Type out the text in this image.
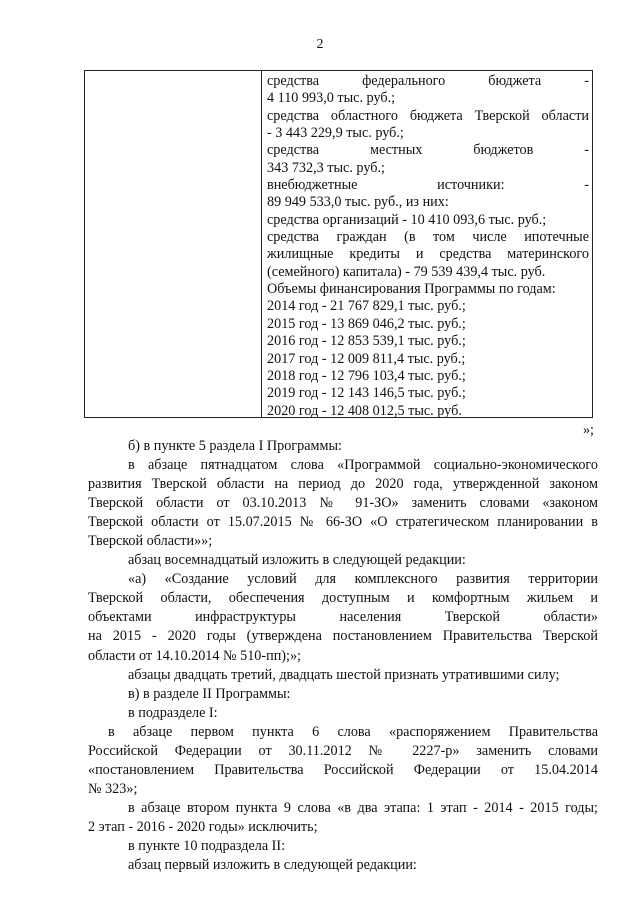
2
средства федерального бюджета -
4 110 993,0 тыс. руб.;
средства областного бюджета Тверской области
- 3 443 229,9 тыс. руб.;
средства местных бюджетов -
343 732,3 тыс. руб.;
внебюджетные источники: -
89 949 533,0 тыс. руб., из них:
средства организаций - 10 410 093,6 тыс. руб.;
средства граждан (в том числе ипотечные
жилищные кредиты и средства материнского
(семейного) капитала) - 79 539 439,4 тыс. руб.
Объемы финансирования Программы по годам:
2014 год - 21 767 829,1 тыс. руб.;
2015 год - 13 869 046,2 тыс. руб.;
2016 год - 12 853 539,1 тыс. руб.;
2017 год - 12 009 811,4 тыс. руб.;
2018 год - 12 796 103,4 тыс. руб.;
2019 год - 12 143 146,5 тыс. руб.;
2020 год - 12 408 012,5 тыс. руб.
»;
б) в пункте 5 раздела I Программы:
в абзаце пятнадцатом слова «Программой социально-экономического
развития Тверской области на период до 2020 года, утвержденной законом
Тверской области от 03.10.2013 № 91-ЗО» заменить словами «законом
Тверской области от 15.07.2015 № 66-ЗО «О стратегическом планировании в
Тверской области»»;
абзац восемнадцатый изложить в следующей редакции:
«а) «Создание условий для комплексного развития территории
Тверской области, обеспечения доступным и комфортным жильем и
объектами инфраструктуры населения Тверской области»
на 2015 - 2020 годы (утверждена постановлением Правительства Тверской
области от 14.10.2014 № 510-пп);»;
абзацы двадцать третий, двадцать шестой признать утратившими силу;
в) в разделе II Программы:
в подразделе I:
в абзаце первом пункта 6 слова «распоряжением Правительства
Российской Федерации от 30.11.2012 № 2227-р» заменить словами
«постановлением Правительства Российской Федерации от 15.04.2014
№ 323»;
в абзаце втором пункта 9 слова «в два этапа: 1 этап - 2014 - 2015 годы;
2 этап - 2016 - 2020 годы» исключить;
в пункте 10 подраздела II:
абзац первый изложить в следующей редакции:
